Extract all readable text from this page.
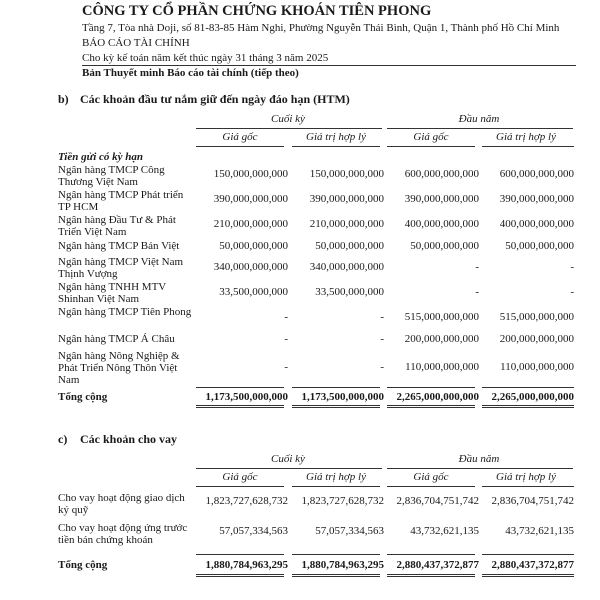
CÔNG TY CỔ PHẦN CHỨNG KHOÁN TIÊN PHONG
Tầng 7, Tòa nhà Doji, số 81-83-85 Hàm Nghi, Phường Nguyễn Thái Bình, Quận 1, Thành phố Hồ Chí Minh
BÁO CÁO TÀI CHÍNH
Cho kỳ kế toán năm kết thúc ngày 31 tháng 3 năm 2025
Bản Thuyết minh Báo cáo tài chính (tiếp theo)
b) Các khoản đầu tư nắm giữ đến ngày đáo hạn (HTM)
Cuối kỳ	Đầu năm
Giá gốc	Giá trị hợp lý	Giá gốc	Giá trị hợp lý
Tiền gửi có kỳ hạn
Ngân hàng TMCP Công Thương Việt Nam
150,000,000,000	150,000,000,000	600,000,000,000	600,000,000,000
Ngân hàng TMCP Phát triển TP HCM
390,000,000,000	390,000,000,000	390,000,000,000	390,000,000,000
Ngân hàng Đầu Tư & Phát Triển Việt Nam
210,000,000,000	210,000,000,000	400,000,000,000	400,000,000,000
Ngân hàng TMCP Bản Việt	50,000,000,000	50,000,000,000	50,000,000,000	50,000,000,000
Ngân hàng TMCP Việt Nam Thịnh Vượng
340,000,000,000	340,000,000,000	-	-
Ngân hàng TNHH MTV Shinhan Việt Nam
33,500,000,000	33,500,000,000	-	-
Ngân hàng TMCP Tiên Phong	-	-	515,000,000,000	515,000,000,000
Ngân hàng TMCP Á Châu	-	-	200,000,000,000	200,000,000,000
Ngân hàng Nông Nghiệp & Phát Triển Nông Thôn Việt Nam
-	-	110,000,000,000	110,000,000,000
Tổng cộng	1,173,500,000,000	1,173,500,000,000	2,265,000,000,000	2,265,000,000,000
c) Các khoản cho vay
Cuối kỳ	Đầu năm
Giá gốc	Giá trị hợp lý	Giá gốc	Giá trị hợp lý
Cho vay hoạt động giao dịch ký quỹ
1,823,727,628,732	1,823,727,628,732	2,836,704,751,742	2,836,704,751,742
Cho vay hoạt động ứng trước tiền bán chứng khoán
57,057,334,563	57,057,334,563	43,732,621,135	43,732,621,135
Tổng cộng	1,880,784,963,295	1,880,784,963,295	2,880,437,372,877	2,880,437,372,877
